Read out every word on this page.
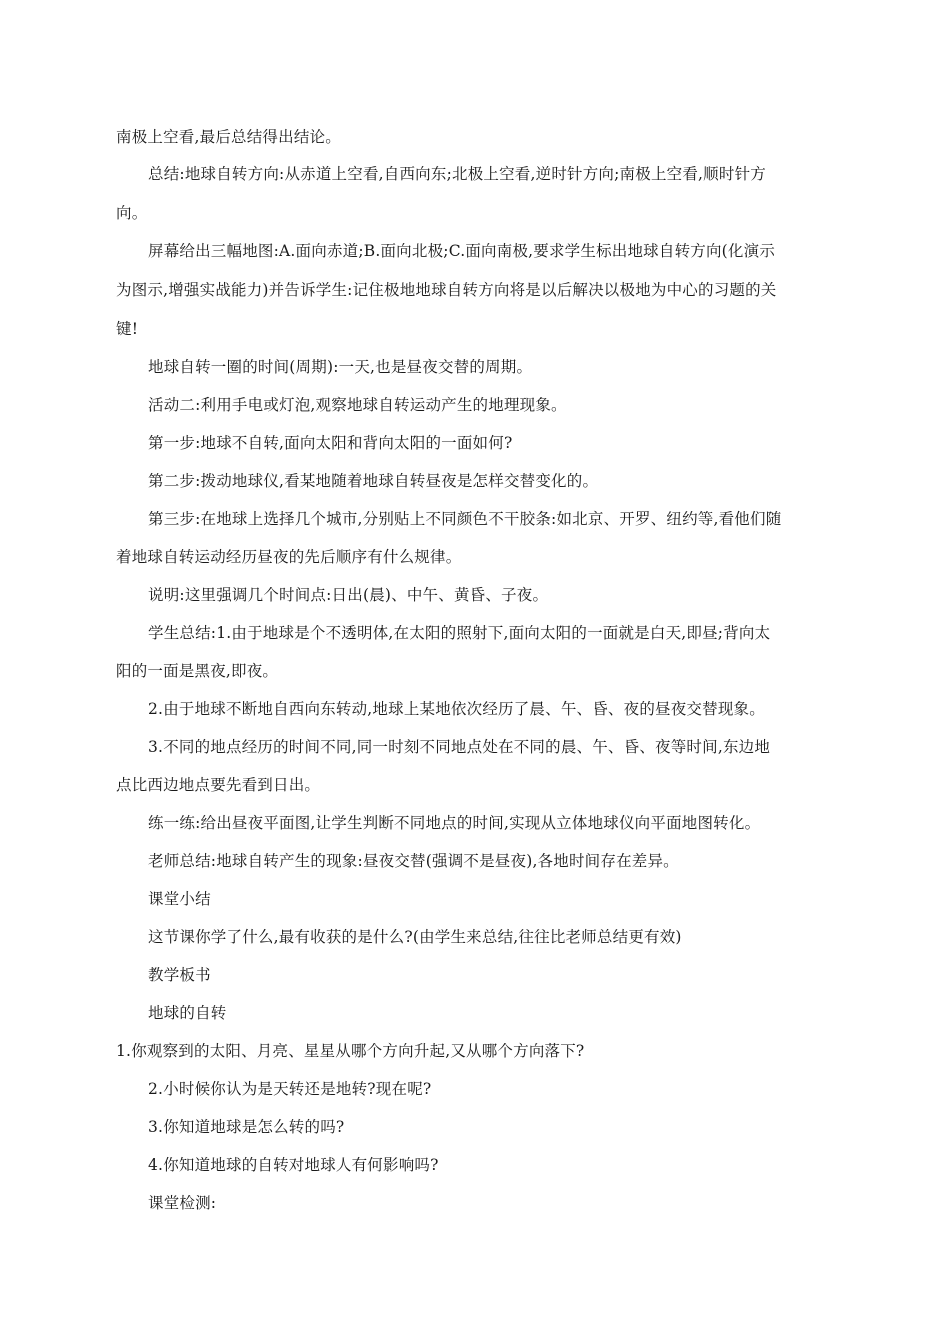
南极上空看,最后总结得出结论。
总结:地球自转方向:从赤道上空看,自西向东;北极上空看,逆时针方向;南极上空看,顺时针方
向。
屏幕给出三幅地图:A.面向赤道;B.面向北极;C.面向南极,要求学生标出地球自转方向(化演示
为图示,增强实战能力)并告诉学生:记住极地地球自转方向将是以后解决以极地为中心的习题的关
键!
地球自转一圈的时间(周期):一天,也是昼夜交替的周期。
活动二:利用手电或灯泡,观察地球自转运动产生的地理现象。
第一步:地球不自转,面向太阳和背向太阳的一面如何?
第二步:拨动地球仪,看某地随着地球自转昼夜是怎样交替变化的。
第三步:在地球上选择几个城市,分别贴上不同颜色不干胶条:如北京、开罗、纽约等,看他们随
着地球自转运动经历昼夜的先后顺序有什么规律。
说明:这里强调几个时间点:日出(晨)、中午、黄昏、子夜。
学生总结:1.由于地球是个不透明体,在太阳的照射下,面向太阳的一面就是白天,即昼;背向太
阳的一面是黑夜,即夜。
2.由于地球不断地自西向东转动,地球上某地依次经历了晨、午、昏、夜的昼夜交替现象。
3.不同的地点经历的时间不同,同一时刻不同地点处在不同的晨、午、昏、夜等时间,东边地
点比西边地点要先看到日出。
练一练:给出昼夜平面图,让学生判断不同地点的时间,实现从立体地球仪向平面地图转化。
老师总结:地球自转产生的现象:昼夜交替(强调不是昼夜),各地时间存在差异。
课堂小结
这节课你学了什么,最有收获的是什么?(由学生来总结,往往比老师总结更有效)
教学板书
地球的自转
1.你观察到的太阳、月亮、星星从哪个方向升起,又从哪个方向落下?
2.小时候你认为是天转还是地转?现在呢?
3.你知道地球是怎么转的吗?
4.你知道地球的自转对地球人有何影响吗?
课堂检测:
